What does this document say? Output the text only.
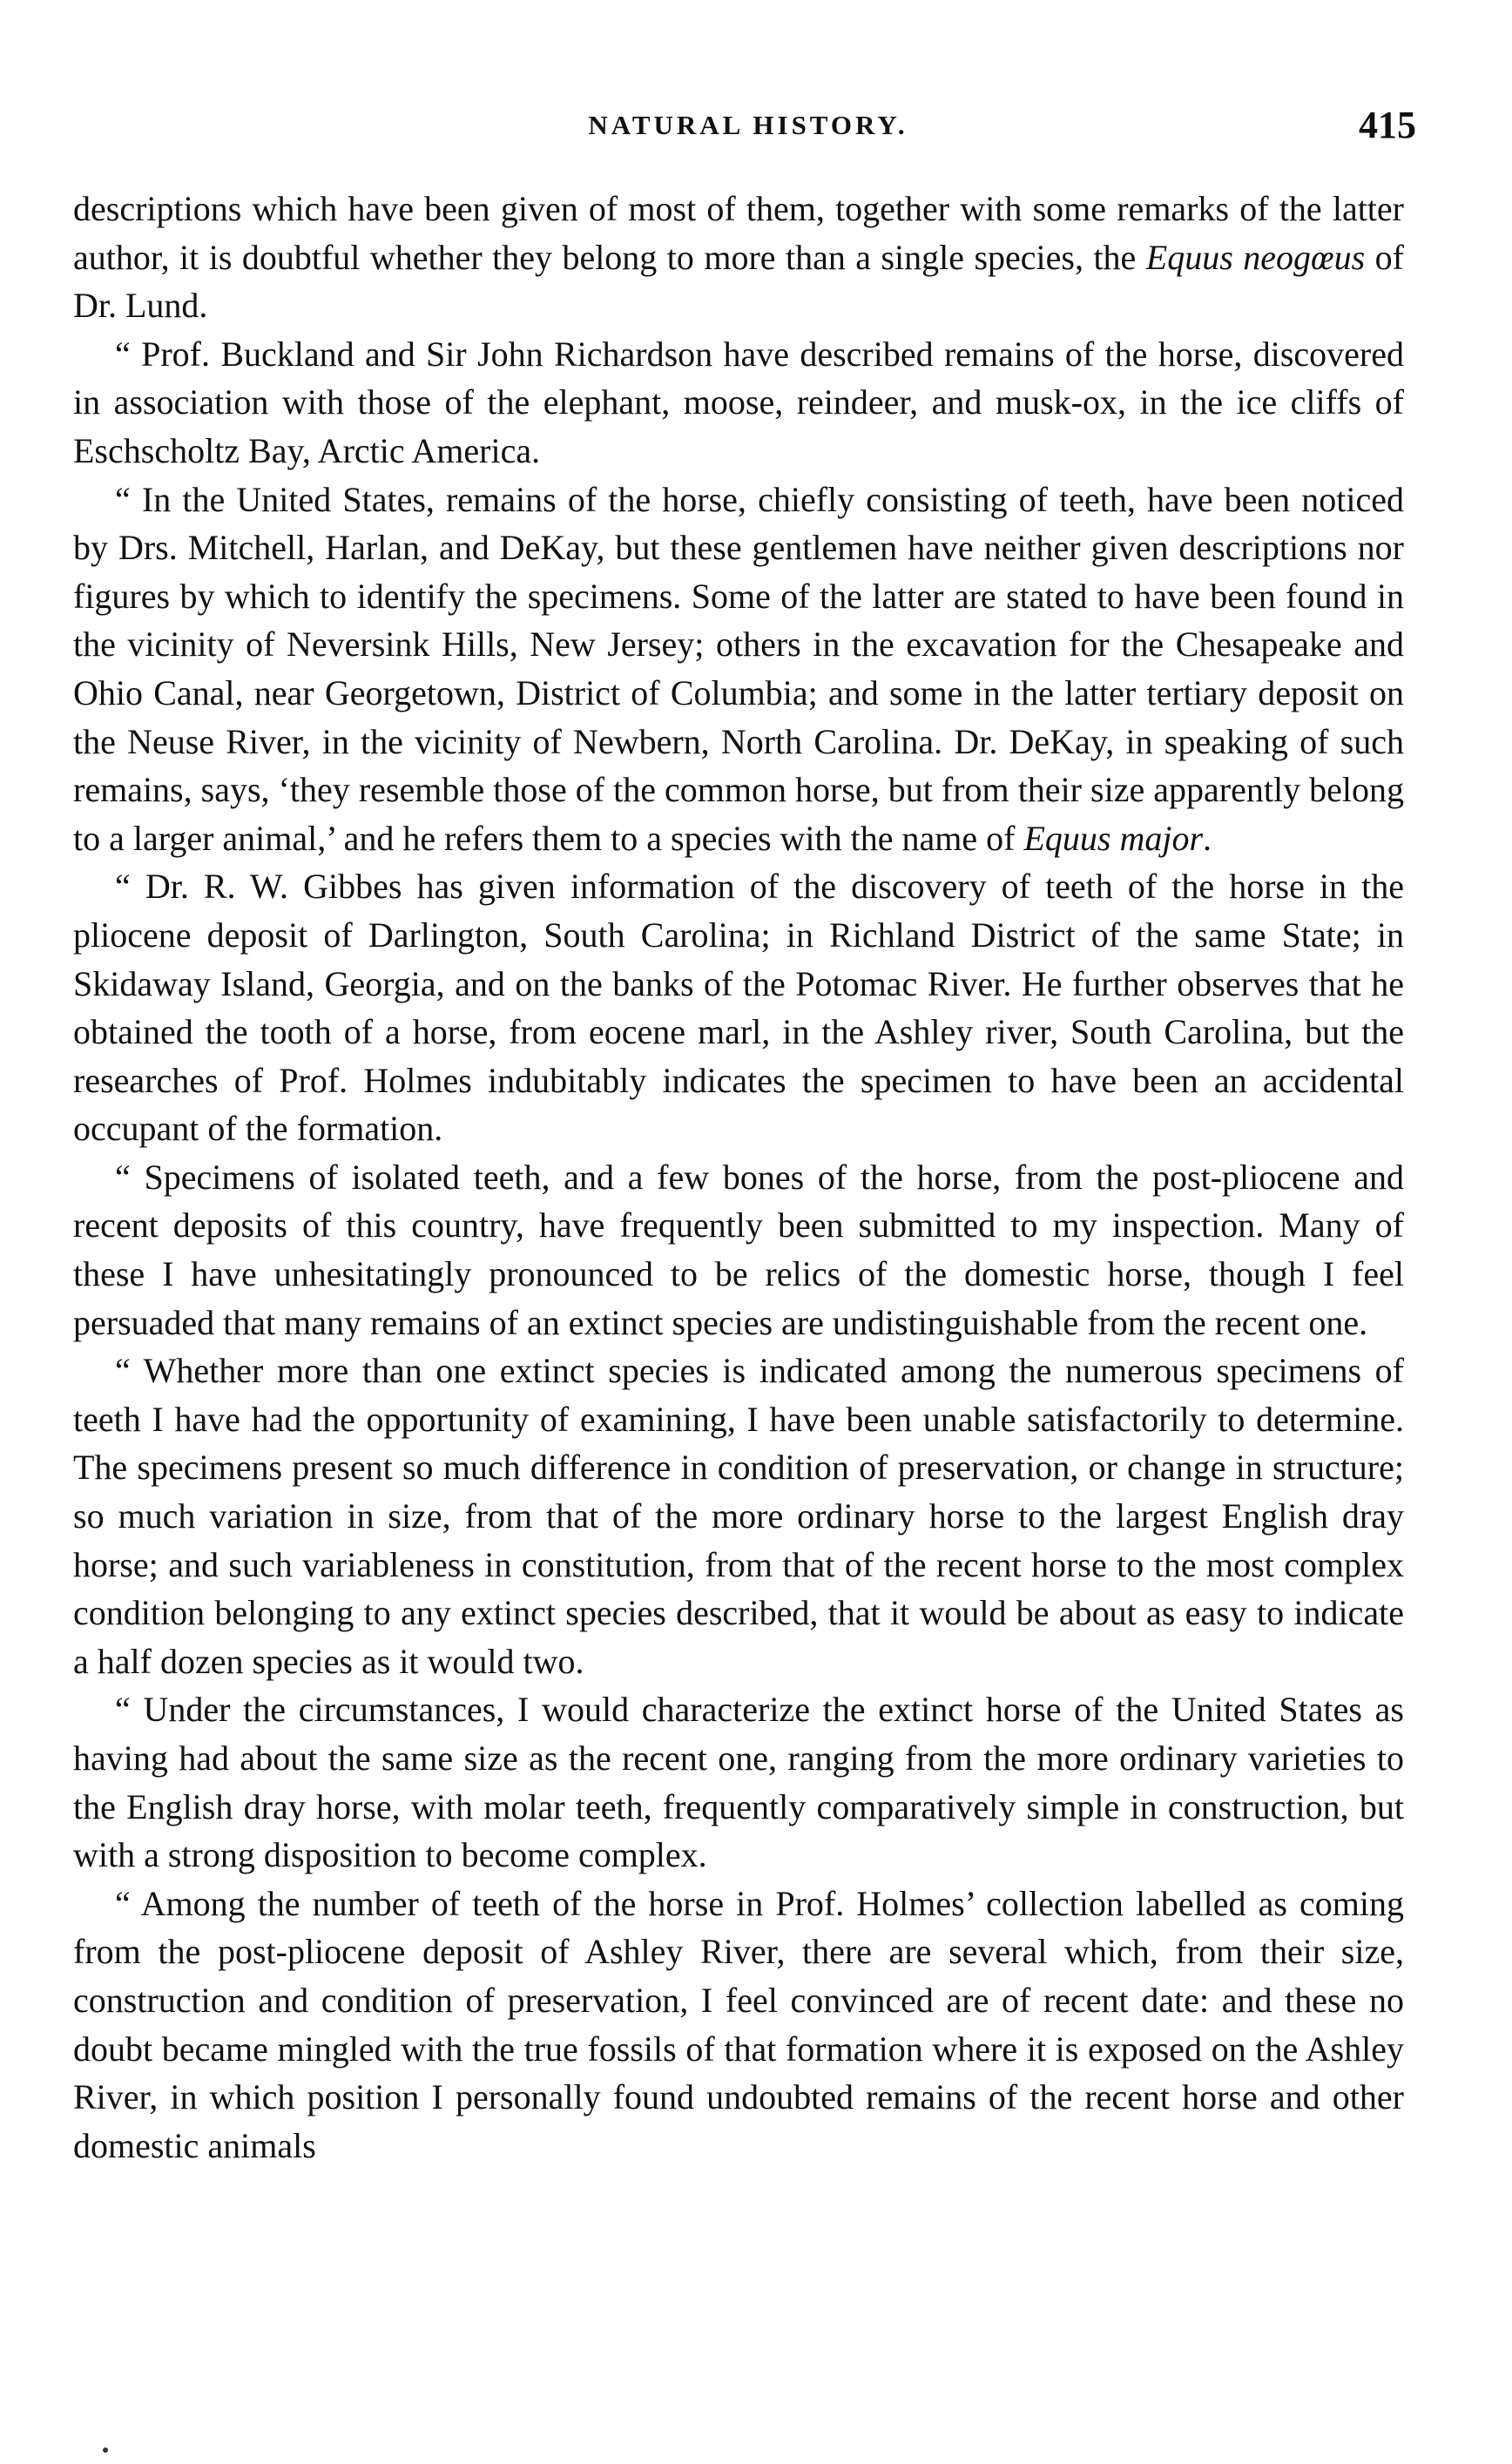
NATURAL HISTORY.	415

descriptions which have been given of most of them, together with some remarks of the latter author, it is doubtful whether they belong to more than a single species, the Equus neogœus of Dr. Lund.

“ Prof. Buckland and Sir John Richardson have described remains of the horse, discovered in association with those of the elephant, moose, reindeer, and musk-ox, in the ice cliffs of Eschscholtz Bay, Arctic America.

“ In the United States, remains of the horse, chiefly consisting of teeth, have been noticed by Drs. Mitchell, Harlan, and DeKay, but these gentlemen have neither given descriptions nor figures by which to identify the specimens. Some of the latter are stated to have been found in the vicinity of Neversink Hills, New Jersey; others in the excavation for the Chesapeake and Ohio Canal, near Georgetown, District of Columbia; and some in the latter tertiary deposit on the Neuse River, in the vicinity of Newbern, North Carolina. Dr. DeKay, in speaking of such remains, says, ‘they resemble those of the common horse, but from their size apparently belong to a larger animal,’ and he refers them to a species with the name of Equus major.

“ Dr. R. W. Gibbes has given information of the discovery of teeth of the horse in the pliocene deposit of Darlington, South Carolina; in Richland District of the same State; in Skidaway Island, Georgia, and on the banks of the Potomac River. He further observes that he obtained the tooth of a horse, from eocene marl, in the Ashley river, South Carolina, but the researches of Prof. Holmes indubitably indicates the specimen to have been an accidental occupant of the formation.

“ Specimens of isolated teeth, and a few bones of the horse, from the post-pliocene and recent deposits of this country, have frequently been submitted to my inspection. Many of these I have unhesitatingly pronounced to be relics of the domestic horse, though I feel persuaded that many remains of an extinct species are undistinguishable from the recent one.

“ Whether more than one extinct species is indicated among the numerous specimens of teeth I have had the opportunity of examining, I have been unable satisfactorily to determine. The specimens present so much difference in condition of preservation, or change in structure; so much variation in size, from that of the more ordinary horse to the largest English dray horse; and such variableness in constitution, from that of the recent horse to the most complex condition belonging to any extinct species described, that it would be about as easy to indicate a half dozen species as it would two.

“ Under the circumstances, I would characterize the extinct horse of the United States as having had about the same size as the recent one, ranging from the more ordinary varieties to the English dray horse, with molar teeth, frequently comparatively simple in construction, but with a strong disposition to become complex.

“ Among the number of teeth of the horse in Prof. Holmes’ collection labelled as coming from the post-pliocene deposit of Ashley River, there are several which, from their size, construction and condition of preservation, I feel convinced are of recent date: and these no doubt became mingled with the true fossils of that formation where it is exposed on the Ashley River, in which position I personally found undoubted remains of the recent horse and other domestic animals
